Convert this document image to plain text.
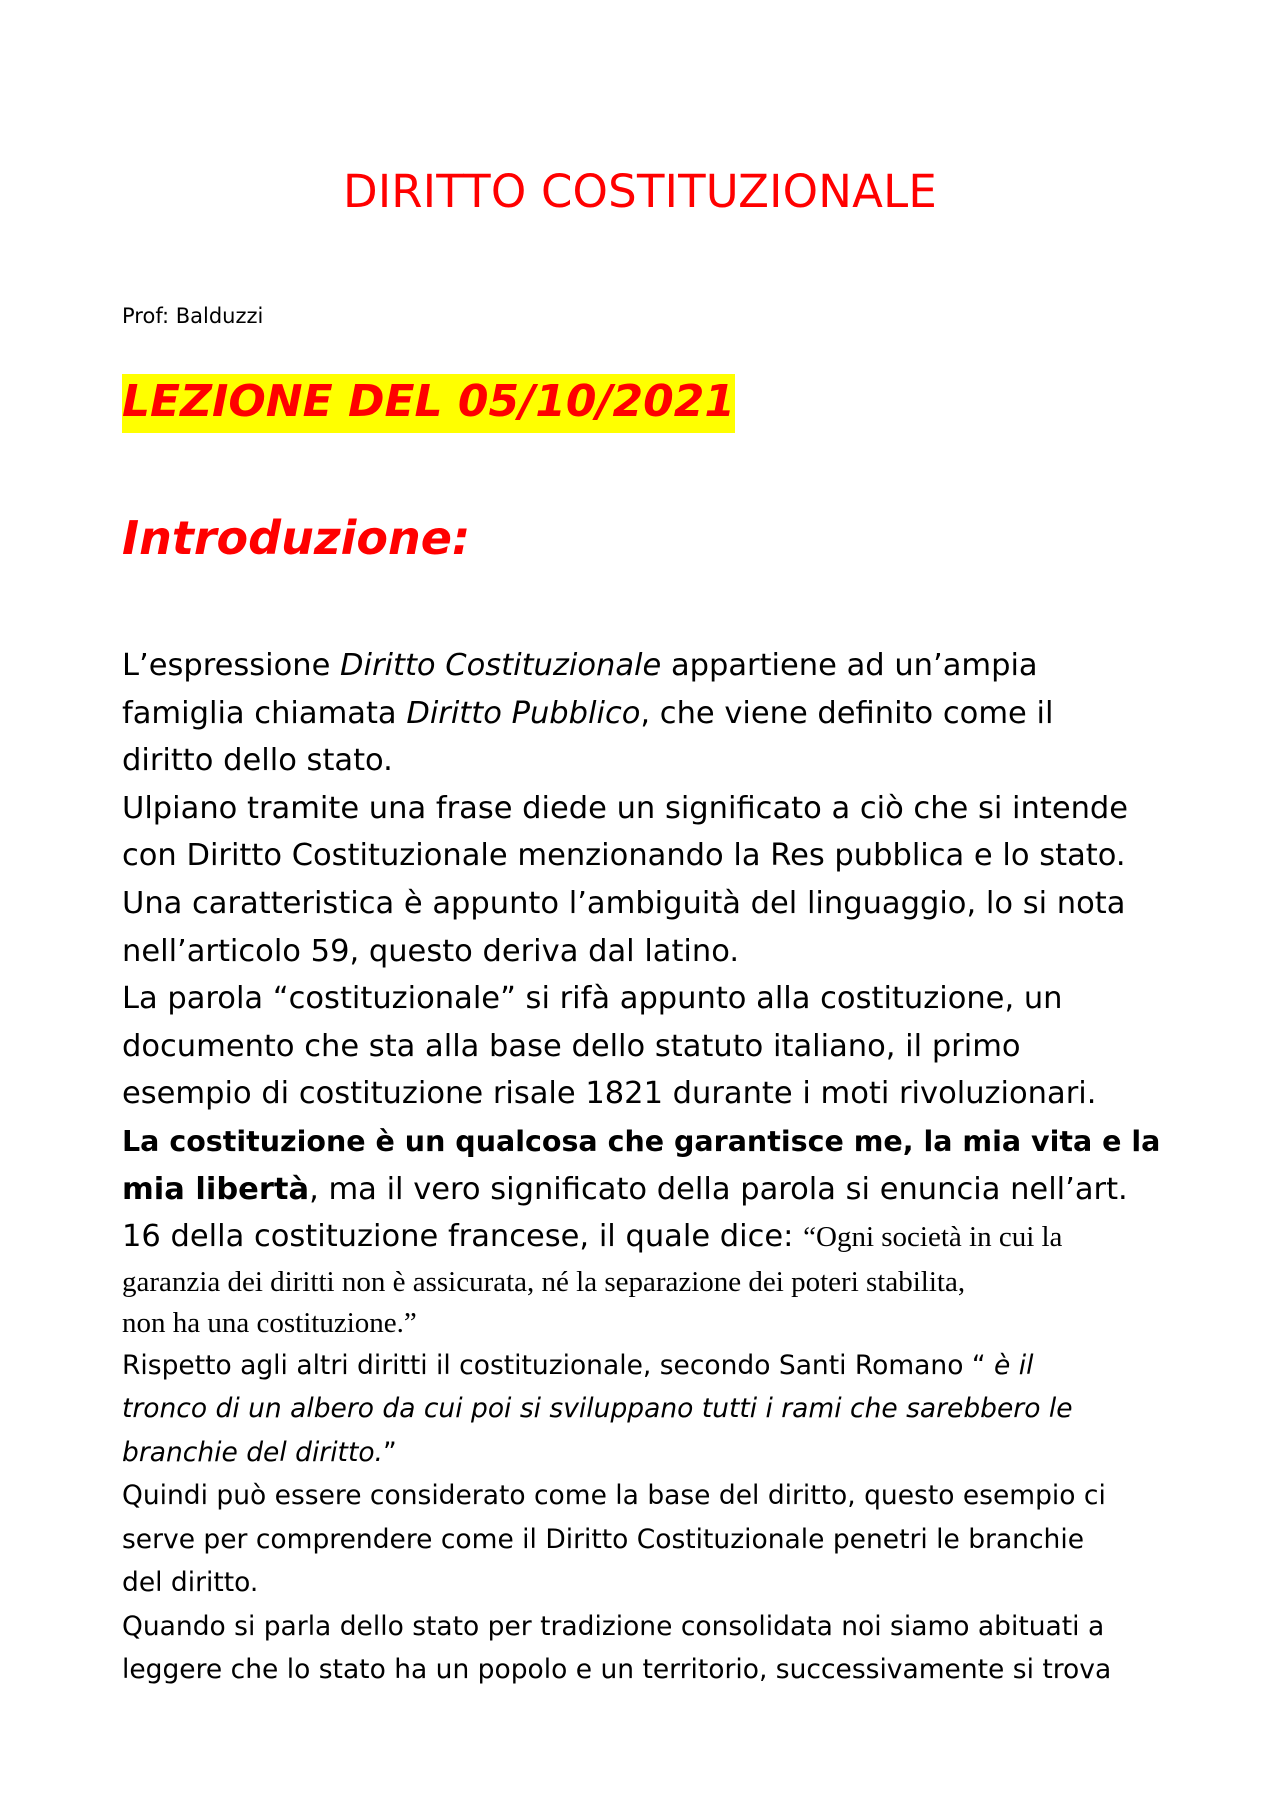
DIRITTO COSTITUZIONALE
Prof: Balduzzi
LEZIONE DEL 05/10/2021
Introduzione:
L’espressione Diritto Costituzionale appartiene ad un’ampia
famiglia chiamata Diritto Pubblico, che viene definito come il
diritto dello stato.
Ulpiano tramite una frase diede un significato a ciò che si intende
con Diritto Costituzionale menzionando la Res pubblica e lo stato.
Una caratteristica è appunto l’ambiguità del linguaggio, lo si nota
nell’articolo 59, questo deriva dal latino.
La parola “costituzionale” si rifà appunto alla costituzione, un
documento che sta alla base dello statuto italiano, il primo
esempio di costituzione risale 1821 durante i moti rivoluzionari.
La costituzione è un qualcosa che garantisce me, la mia vita e la
mia libertà, ma il vero significato della parola si enuncia nell’art.
16 della costituzione francese, il quale dice: “Ogni società in cui la
garanzia dei diritti non è assicurata, né la separazione dei poteri stabilita,
non ha una costituzione.”
Rispetto agli altri diritti il costituzionale, secondo Santi Romano “ è il
tronco di un albero da cui poi si sviluppano tutti i rami che sarebbero le
branchie del diritto.”
Quindi può essere considerato come la base del diritto, questo esempio ci
serve per comprendere come il Diritto Costituzionale penetri le branchie
del diritto.
Quando si parla dello stato per tradizione consolidata noi siamo abituati a
leggere che lo stato ha un popolo e un territorio, successivamente si trova
